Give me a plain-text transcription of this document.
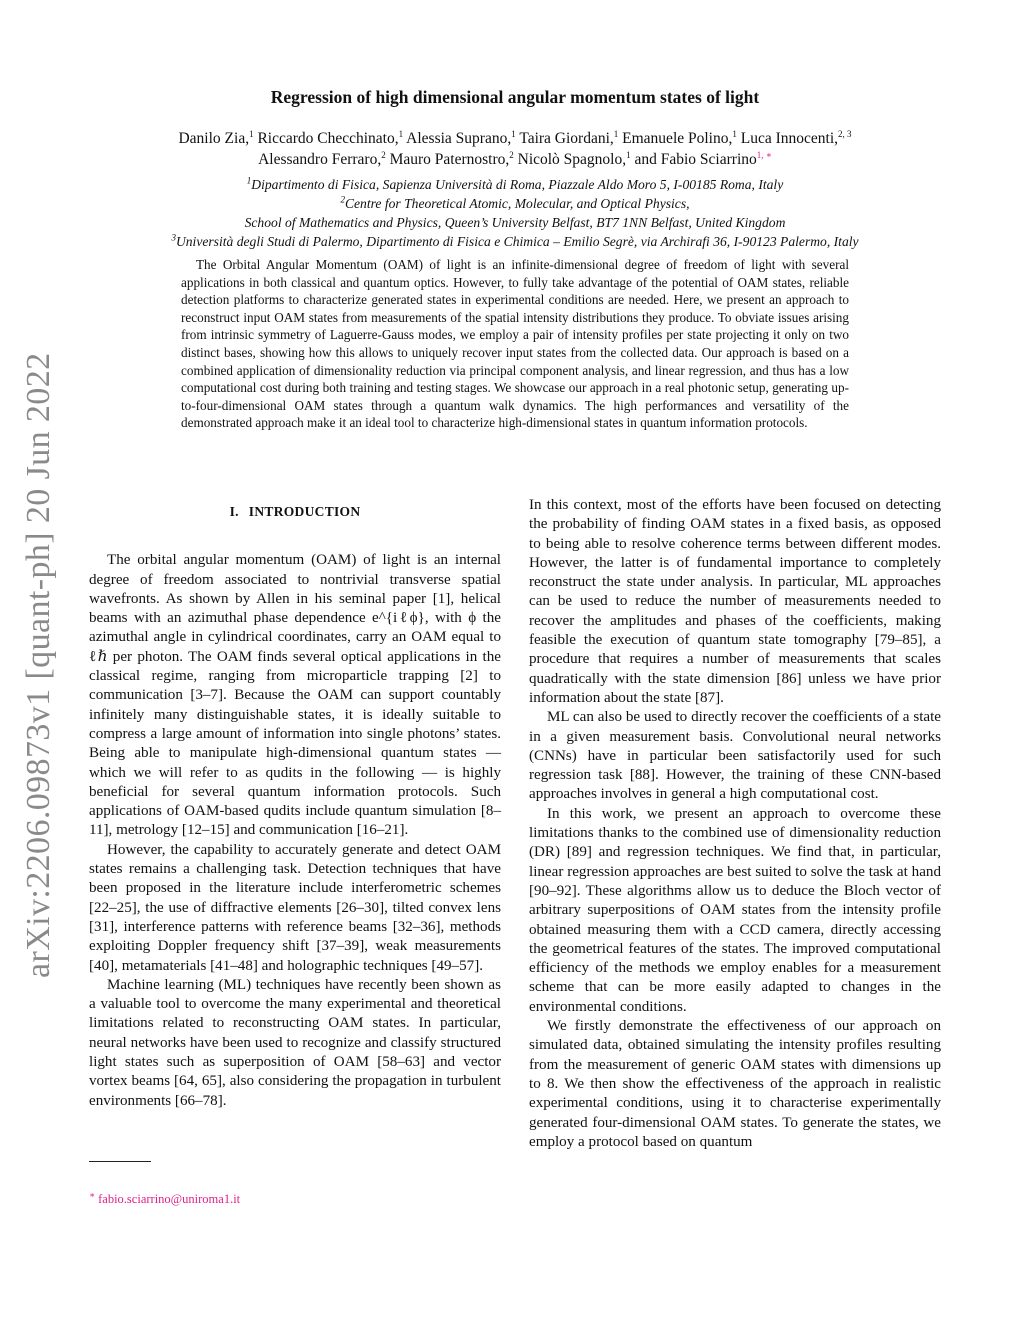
arXiv:2206.09873v1 [quant-ph] 20 Jun 2022
Regression of high dimensional angular momentum states of light
Danilo Zia,$^1$ Riccardo Checchinato,$^1$ Alessia Suprano,$^1$ Taira Giordani,$^1$ Emanuele Polino,$^1$ Luca Innocenti,$^{2, 3}$ Alessandro Ferraro,$^2$ Mauro Paternostro,$^2$ Nicolò Spagnolo,$^1$ and Fabio Sciarrino$^{1, ∗}$
$^1$Dipartimento di Fisica, Sapienza Università di Roma, Piazzale Aldo Moro 5, I-00185 Roma, Italy
$^2$Centre for Theoretical Atomic, Molecular, and Optical Physics,
School of Mathematics and Physics, Queen’s University Belfast, BT7 1NN Belfast, United Kingdom
$^3$Università degli Studi di Palermo, Dipartimento di Fisica e Chimica – Emilio Segrè, via Archirafi 36, I-90123 Palermo, Italy
The Orbital Angular Momentum (OAM) of light is an infinite-dimensional degree of freedom of light with several applications in both classical and quantum optics. However, to fully take advantage of the potential of OAM states, reliable detection platforms to characterize generated states in experimental conditions are needed. Here, we present an approach to reconstruct input OAM states from measurements of the spatial intensity distributions they produce. To obviate issues arising from intrinsic symmetry of Laguerre-Gauss modes, we employ a pair of intensity profiles per state projecting it only on two distinct bases, showing how this allows to uniquely recover input states from the collected data. Our approach is based on a combined application of dimensionality reduction via principal component analysis, and linear regression, and thus has a low computational cost during both training and testing stages. We showcase our approach in a real photonic setup, generating up-to-four-dimensional OAM states through a quantum walk dynamics. The high performances and versatility of the demonstrated approach make it an ideal tool to characterize high-dimensional states in quantum information protocols.
I. INTRODUCTION

The orbital angular momentum (OAM) of light is an internal degree of freedom associated to nontrivial transverse spatial wavefronts. As shown by Allen in his seminal paper [1], helical beams with an azimuthal phase dependence e^{iℓϕ}, with ϕ the azimuthal angle in cylindrical coordinates, carry an OAM equal to ℓℏ per photon. The OAM finds several optical applications in the classical regime, ranging from microparticle trapping [2] to communication [3–7]. Because the OAM can support countably infinitely many distinguishable states, it is ideally suitable to compress a large amount of information into single photons’ states. Being able to manipulate high-dimensional quantum states — which we will refer to as qudits in the following — is highly beneficial for several quantum information protocols. Such applications of OAM-based qudits include quantum simulation [8–11], metrology [12–15] and communication [16–21].

However, the capability to accurately generate and detect OAM states remains a challenging task. Detection techniques that have been proposed in the literature include interferometric schemes [22–25], the use of diffractive elements [26–30], tilted convex lens [31], interference patterns with reference beams [32–36], methods exploiting Doppler frequency shift [37–39], weak measurements [40], metamaterials [41–48] and holographic techniques [49–57].

Machine learning (ML) techniques have recently been shown as a valuable tool to overcome the many experimental and theoretical limitations related to reconstructing OAM states. In particular, neural networks have been used to recognize and classify structured light states such as superposition of OAM [58–63] and vector vortex beams [64, 65], also considering the propagation in turbulent environments [66–78].

In this context, most of the efforts have been focused on detecting the probability of finding OAM states in a fixed basis, as opposed to being able to resolve coherence terms between different modes. However, the latter is of fundamental importance to completely reconstruct the state under analysis. In particular, ML approaches can be used to reduce the number of measurements needed to recover the amplitudes and phases of the coefficients, making feasible the execution of quantum state tomography [79–85], a procedure that requires a number of measurements that scales quadratically with the state dimension [86] unless we have prior information about the state [87].

ML can also be used to directly recover the coefficients of a state in a given measurement basis. Convolutional neural networks (CNNs) have in particular been satisfactorily used for such regression task [88]. However, the training of these CNN-based approaches involves in general a high computational cost.

In this work, we present an approach to overcome these limitations thanks to the combined use of dimensionality reduction (DR) [89] and regression techniques. We find that, in particular, linear regression approaches are best suited to solve the task at hand [90–92]. These algorithms allow us to deduce the Bloch vector of arbitrary superpositions of OAM states from the intensity profile obtained measuring them with a CCD camera, directly accessing the geometrical features of the states. The improved computational efficiency of the methods we employ enables for a measurement scheme that can be more easily adapted to changes in the environmental conditions.

We firstly demonstrate the effectiveness of our approach on simulated data, obtained simulating the intensity profiles resulting from the measurement of generic OAM states with dimensions up to 8. We then show the effectiveness of the approach in realistic experimental conditions, using it to characterise experimentally generated four-dimensional OAM states. To generate the states, we employ a protocol based on quantum

∗ fabio.sciarrino@uniroma1.it
